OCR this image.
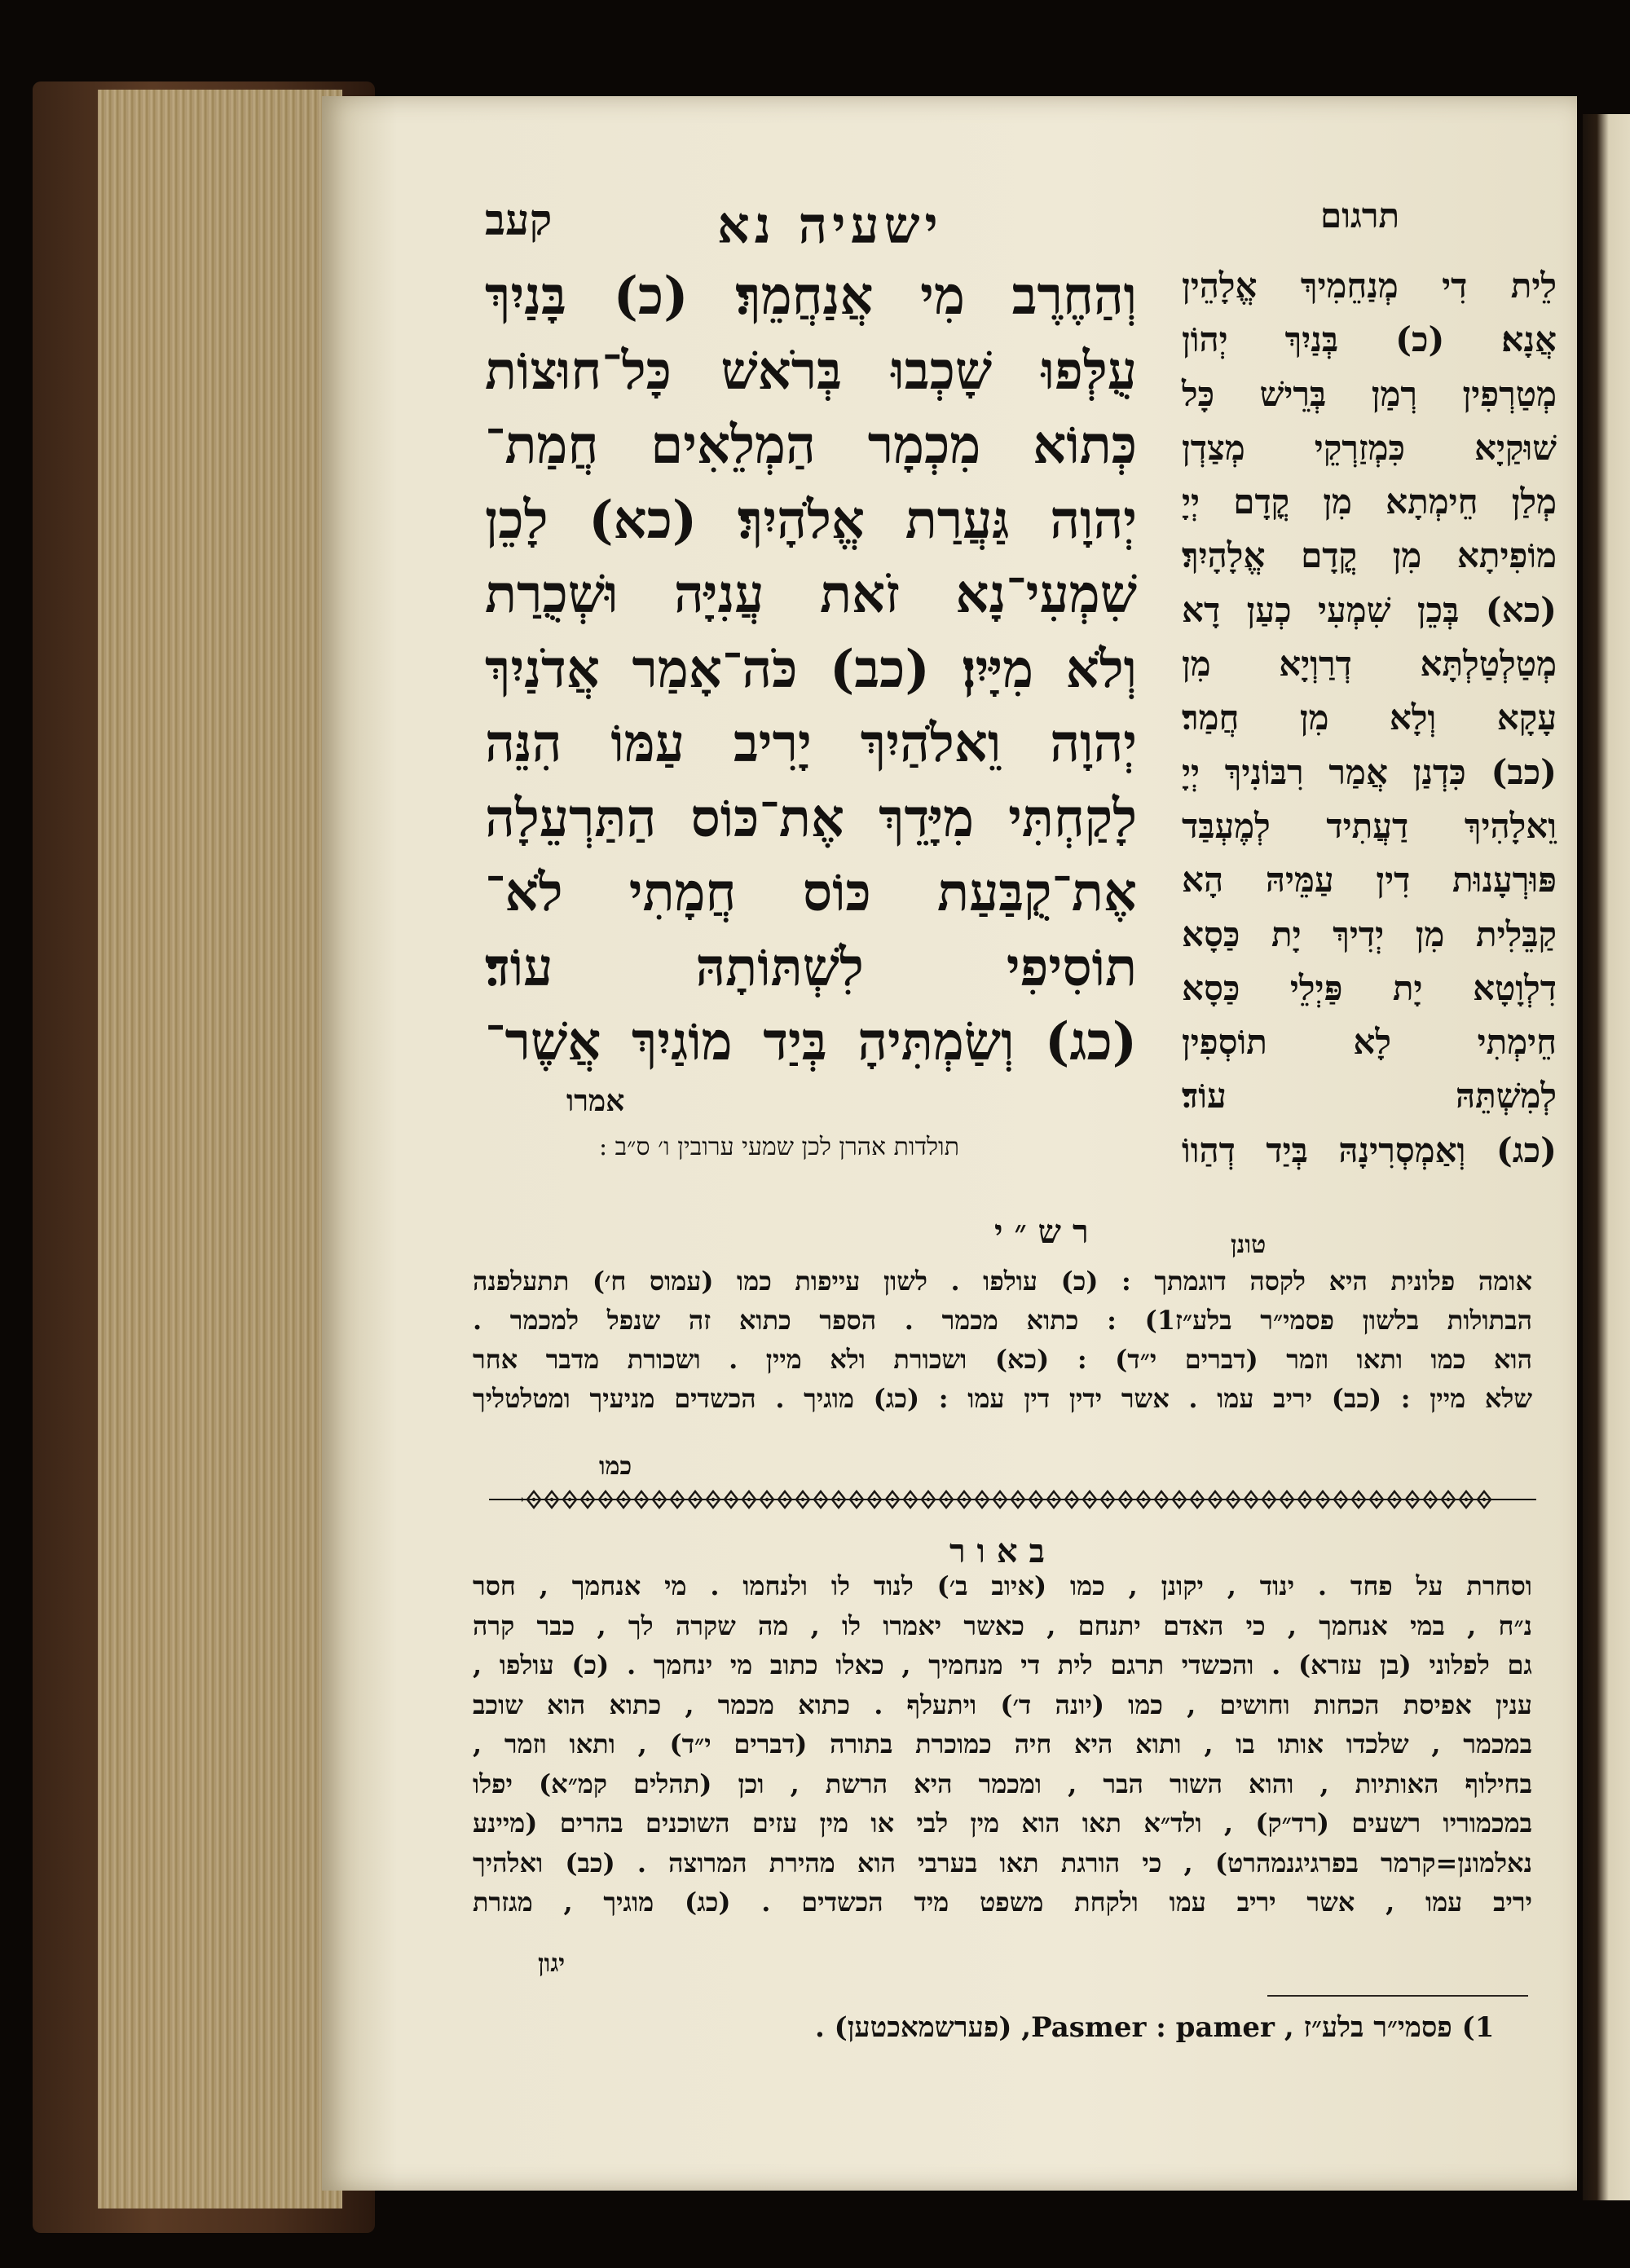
קעב	ישעיה נא	תרגום
וְהַחֶרֶב מִי אֲנַחֲמֵךְ׃ (כ) בָּנַיִךְ
עֻלְּפוּ שָׁכְבוּ בְּרֹאשׁ כָּל־חוּצוֹת
כְּתוֹא מִכְמָר הַמְלֵאִים חֲמַת־
יְהוָה גַּעֲרַת אֱלֹהָיִךְ׃ (כא) לָכֵן
שִׁמְעִי־נָא זֹאת עֲנִיָּה וּשְׁכֻרַת
וְלֹא מִיָּיִן׃ (כב) כֹּה־אָמַר אֲדֹנַיִךְ
יְהוָה וֵאלֹהַיִךְ יָרִיב עַמּוֹ הִנֵּה
לָקַחְתִּי מִיָּדֵךְ אֶת־כּוֹס הַתַּרְעֵלָה
אֶת־קֻבַּעַת כּוֹס חֲמָתִי לֹא־
תוֹסִיפִי לִשְׁתּוֹתָהּ עוֹד׃
(כג) וְשַׂמְתִּיהָ בְּיַד מוֹגַיִךְ אֲשֶׁר־
אמרו
תולדות אהרן לכן שמעי ערובין ו׳ ס״ב :
לֵית דִי מְנַחֵמִיךְ אֱלָהֵין
אֲנָא׃ (כ) בְּנַיִךְ יְהוֹן
מְטַרְפִין רְמַן בְּרֵישׁ כָּל
שׁוּקַיָא כִּמְזַרְקֵי מְצַדְן
מְלַן חֵימְתָא מִן קֳדָם יְיָ
מוֹפִיתָא מִן קֳדָם אֱלָהָיִךְ׃
(כא) בְּכֵן שִׁמְעִי כְעַן דָא
מְטַלְטַלְתָּא דְרַוְיָא מִן
עָקָא וְלָא מִן חֲמַר׃
(כב) כִּדְנַן אֲמַר רִבּוֹנִיךְ יְיָ
וֵאלָהִיךְ דַעֲתִיד לְמֶעְבַּד
פּוּרְעָנוּת דִין עַמֵּיהּ הָא
קַבֵּלִית מִן יְדִיךְ יָת כַּסָא
דִלְוָטָא יָת פַּיְלֵי כַּסָא
חֵימְתִי לָא תוֹסְפִין
לְמִשְׁתֵּהּ עוֹד׃
(כג) וְאַמְסְרִינָהּ בְּיַד דְהַווֹ
טונן
רש״י
אומה פלונית היא לקסה דוגמתך : (כ) עולפו . לשון עייפות כמו (עמוס ח׳) תתעלפנה
הבתולות בלשון פסמי״ר בלע״ז1) : כתוא מכמר . הספר כתוא זה שנפל למכמר .
הוא כמו ותאו וזמר (דברים י״ד) : (כא) ושכורת ולא מיין . ושכורת מדבר אחר
שלא מיין : (כב) יריב עמו . אשר ידין דין עמו : (כג) מוגיך . הכשדים מניעיך ומטלטליך
כמו
באור
וסחרת על פחד . ינוד , יקונן , כמו (איוב ב׳) לנוד לו ולנחמו . מי אנחמך , חסר
נ״ח , במי אנחמך , כי האדם יתנחם , כאשר יאמרו לו , מה שקרה לך , כבר קרה
גם לפלוני (בן עזרא) . והכשדי תרגם לית די מנחמיך , כאלו כתוב מי ינחמך . (כ) עולפו ,
ענין אפיסת הכחות וחושים , כמו (יונה ד׳) ויתעלף . כתוא מכמר , כתוא הוא שוכב
במכמר , שלכדו אותו בו , ותוא היא חיה כמוכרת בתורה (דברים י״ד) , ותאו וזמר ,
בחילוף האותיות , והוא השור הבר , ומכמר היא הרשת , וכן (תהלים קמ״א) יפלו
במכמוריו רשעים (רד״ק) , ולד״א תאו הוא מין לבי או מין עזים השוכנים בהרים (מיינע
נאלמונן=קרמר בפרגיגנמהרט) , כי הורגת תאו בערבי הוא מהירת המרוצה . (כב) ואלהיך
יריב עמו , אשר יריב עמו ולקחת משפט מיד הכשדים . (כג) מוגיך , מגזרת
יגון
1) פסמי״ר בלע״ז , Pasmer : pamer, (פערשמאכטען) .
